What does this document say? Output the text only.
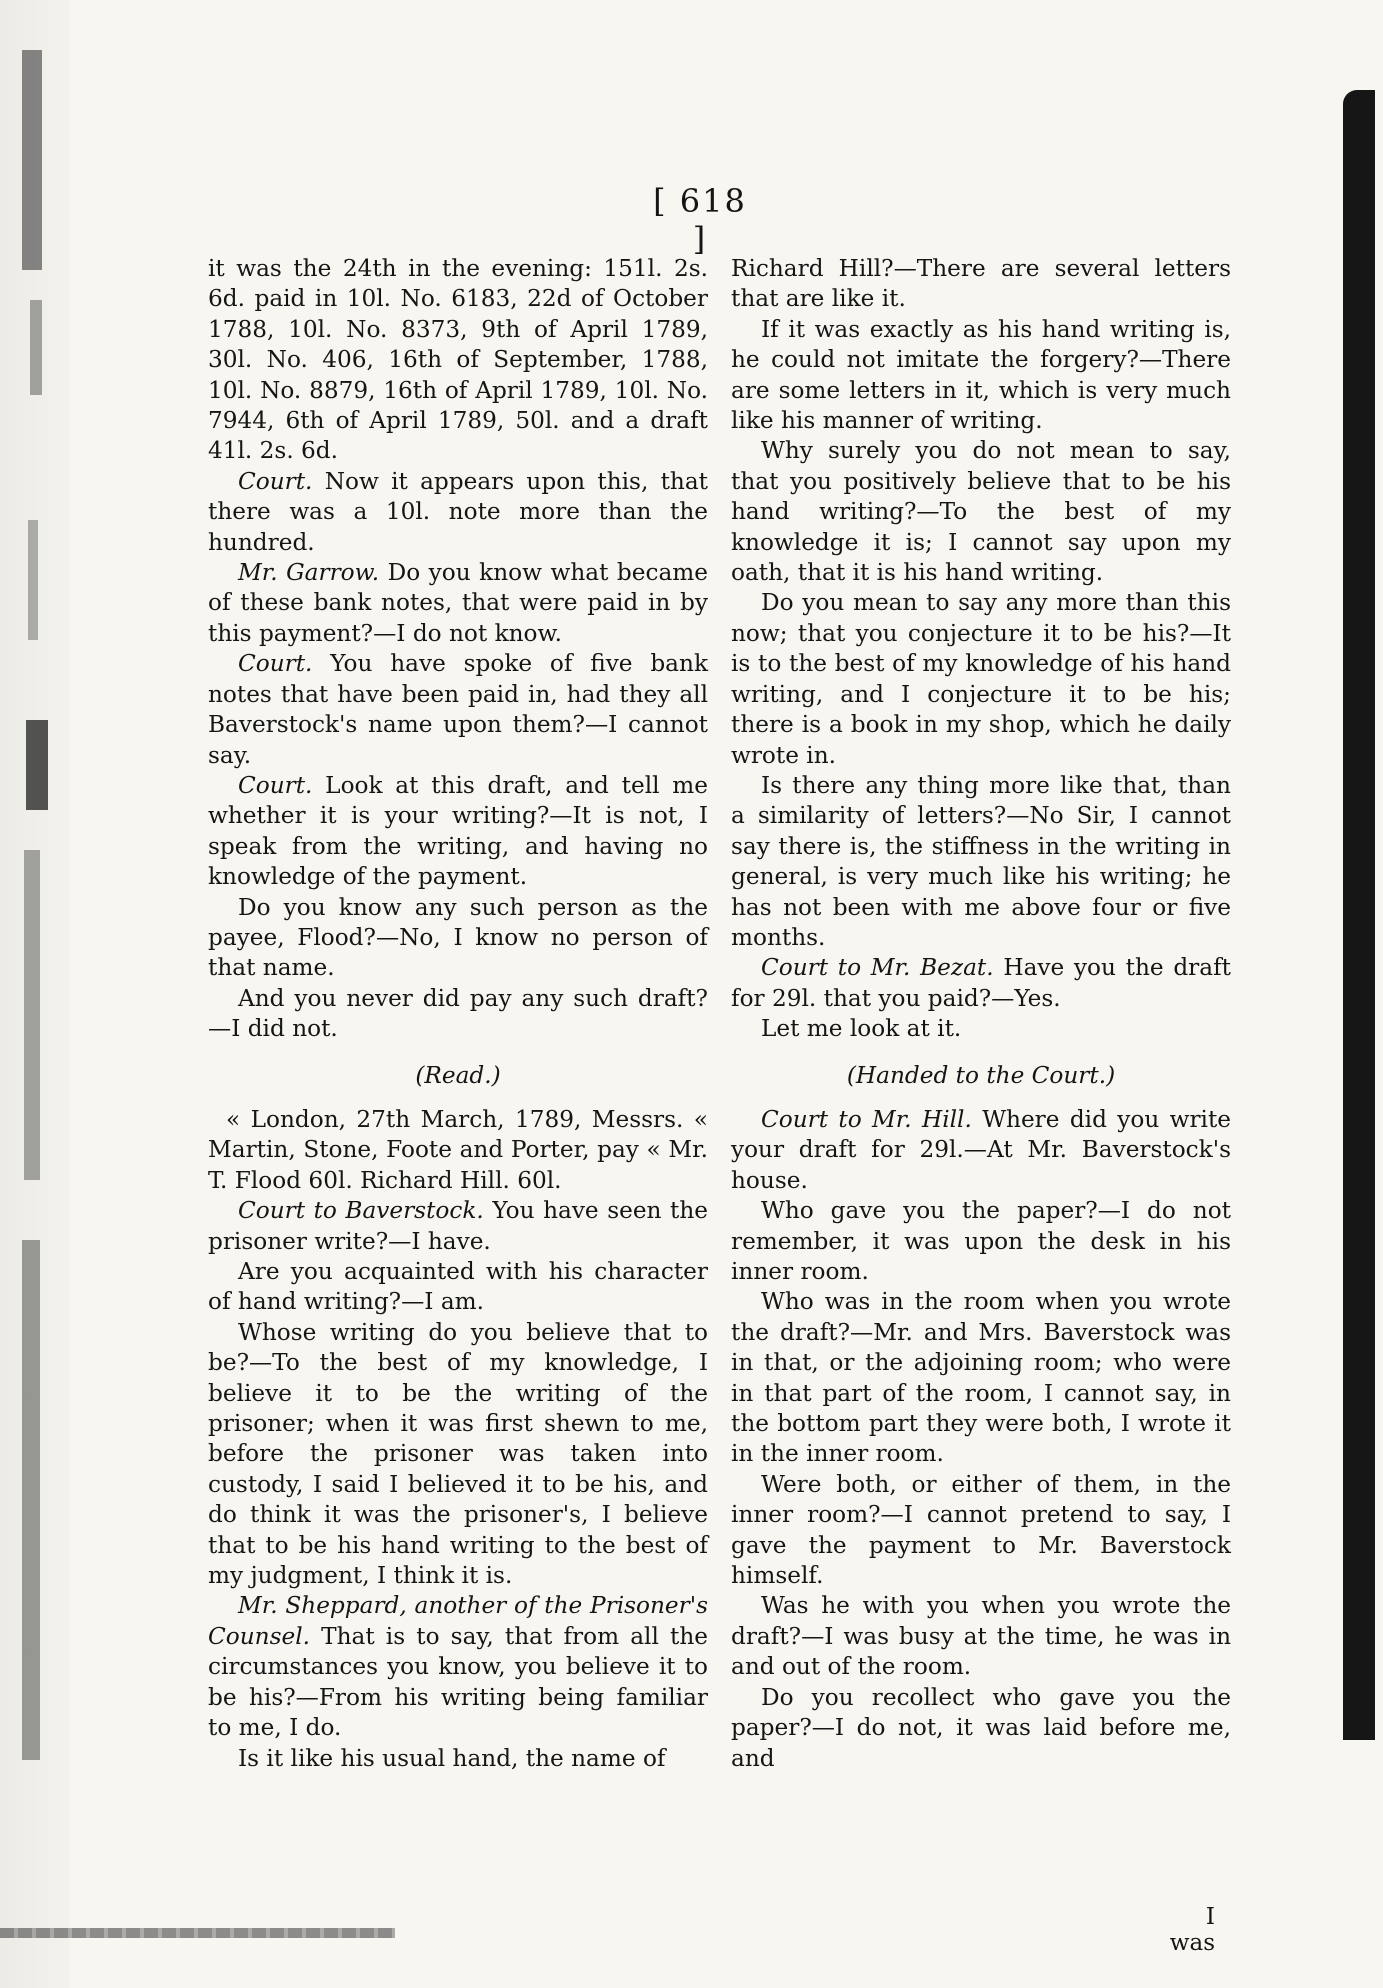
[ 618 ]

it was the 24th in the evening: 151l. 2s. 6d. paid in 10l. No. 6183, 22d of October 1788, 10l. No. 8373, 9th of April 1789, 30l. No. 406, 16th of September, 1788, 10l. No. 8879, 16th of April 1789, 10l. No. 7944, 6th of April 1789, 50l. and a draft 41l. 2s. 6d.

Court. Now it appears upon this, that there was a 10l. note more than the hundred.

Mr. Garrow. Do you know what became of these bank notes, that were paid in by this payment?—I do not know.

Court. You have spoke of five bank notes that have been paid in, had they all Baverstock's name upon them?—I cannot say.

Court. Look at this draft, and tell me whether it is your writing?—It is not, I speak from the writing, and having no knowledge of the payment.

Do you know any such person as the payee, Flood?—No, I know no person of that name.

And you never did pay any such draft? —I did not.

(Read.)

« London, 27th March, 1789, Messrs. « Martin, Stone, Foote and Porter, pay « Mr. T. Flood 60l. Richard Hill. 60l.

Court to Baverstock. You have seen the prisoner write?—I have.

Are you acquainted with his character of hand writing?—I am.

Whose writing do you believe that to be?—To the best of my knowledge, I believe it to be the writing of the prisoner; when it was first shewn to me, before the prisoner was taken into custody, I said I believed it to be his, and do think it was the prisoner's, I believe that to be his hand writing to the best of my judgment, I think it is.

Mr. Sheppard, another of the Prisoner's Counsel. That is to say, that from all the circumstances you know, you believe it to be his?—From his writing being familiar to me, I do.

Is it like his usual hand, the name of

Richard Hill?—There are several letters that are like it.

If it was exactly as his hand writing is, he could not imitate the forgery?—There are some letters in it, which is very much like his manner of writing.

Why surely you do not mean to say, that you positively believe that to be his hand writing?—To the best of my knowledge it is; I cannot say upon my oath, that it is his hand writing.

Do you mean to say any more than this now; that you conjecture it to be his?—It is to the best of my knowledge of his hand writing, and I conjecture it to be his; there is a book in my shop, which he daily wrote in.

Is there any thing more like that, than a similarity of letters?—No Sir, I cannot say there is, the stiffness in the writing in general, is very much like his writing; he has not been with me above four or five months.

Court to Mr. Bezat. Have you the draft for 29l. that you paid?—Yes.

Let me look at it.

(Handed to the Court.)

Court to Mr. Hill. Where did you write your draft for 29l.—At Mr. Baverstock's house.

Who gave you the paper?—I do not remember, it was upon the desk in his inner room.

Who was in the room when you wrote the draft?—Mr. and Mrs. Baverstock was in that, or the adjoining room; who were in that part of the room, I cannot say, in the bottom part they were both, I wrote it in the inner room.

Were both, or either of them, in the inner room?—I cannot pretend to say, I gave the payment to Mr. Baverstock himself.

Was he with you when you wrote the draft?—I was busy at the time, he was in and out of the room.

Do you recollect who gave you the paper?—I do not, it was laid before me, and

I was
